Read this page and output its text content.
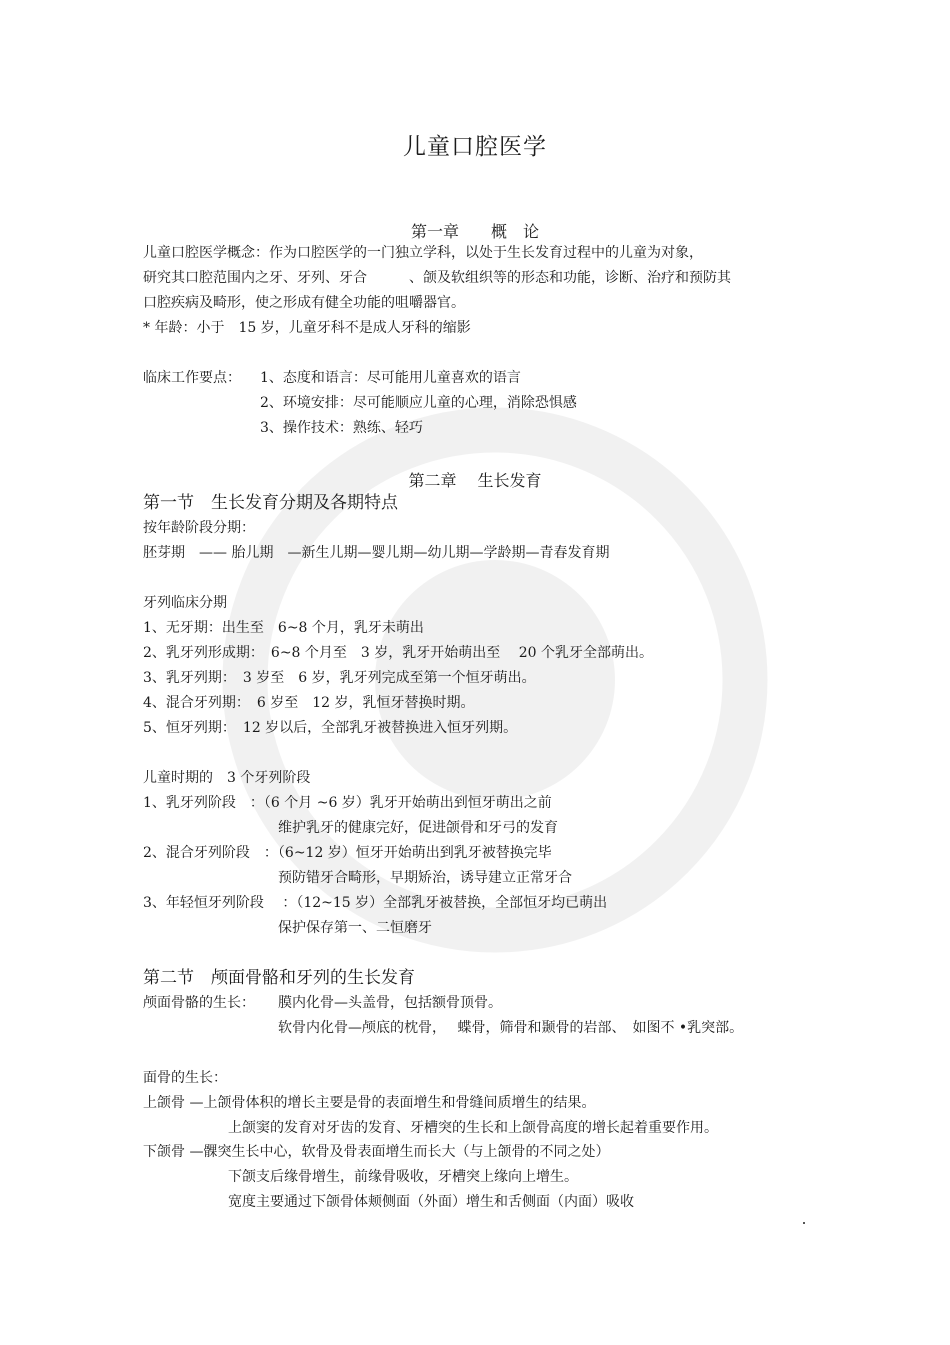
儿童口腔医学
第一章　　概　论
儿童口腔医学概念：作为口腔医学的一门独立学科，以处于生长发育过程中的儿童为对象，
研究其口腔范围内之牙、牙列、牙合　　　、颌及软组织等的形态和功能，诊断、治疗和预防其
口腔疾病及畸形，使之形成有健全功能的咀嚼器官。
* 年龄：小于　15 岁，儿童牙科不是成人牙科的缩影
临床工作要点： 1、态度和语言：尽可能用儿童喜欢的语言
2、环境安排：尽可能顺应儿童的心理，消除恐惧感
3、操作技术：熟练、轻巧
第二章　 生长发育
第一节　生长发育分期及各期特点
按年龄阶段分期：
胚芽期　—— 胎儿期　—新生儿期—婴儿期—幼儿期—学龄期—青春发育期
牙列临床分期
1、无牙期：出生至　6~8 个月，乳牙未萌出
2、乳牙列形成期：　6~8 个月至　3 岁，乳牙开始萌出至　 20 个乳牙全部萌出。
3、乳牙列期：　3 岁至　6 岁，乳牙列完成至第一个恒牙萌出。
4、混合牙列期：　6 岁至　12 岁，乳恒牙替换时期。
5、恒牙列期：　12 岁以后，全部乳牙被替换进入恒牙列期。
儿童时期的　3 个牙列阶段
1、乳牙列阶段　：（6 个月 ~6 岁）乳牙开始萌出到恒牙萌出之前
维护乳牙的健康完好，促进颌骨和牙弓的发育
2、混合牙列阶段　：（6~12 岁）恒牙开始萌出到乳牙被替换完毕
预防错牙合畸形，早期矫治，诱导建立正常牙合
3、年轻恒牙列阶段　 ：（12~15 岁）全部乳牙被替换，全部恒牙均已萌出
保护保存第一、二恒磨牙
第二节　颅面骨骼和牙列的生长发育
颅面骨骼的生长： 膜内化骨—头盖骨，包括额骨顶骨。
软骨内化骨—颅底的枕骨，　 蝶骨，筛骨和颞骨的岩部、　如图不 •乳突部。
面骨的生长：
上颌骨 —上颌骨体积的增长主要是骨的表面增生和骨缝间质增生的结果。
上颌窦的发育对牙齿的发育、牙槽突的生长和上颌骨高度的增长起着重要作用。
下颌骨 —髁突生长中心，软骨及骨表面增生而长大（与上颌骨的不同之处）
下颌支后缘骨增生，前缘骨吸收，牙槽突上缘向上增生。
宽度主要通过下颌骨体颊侧面（外面）增生和舌侧面（内面）吸收
